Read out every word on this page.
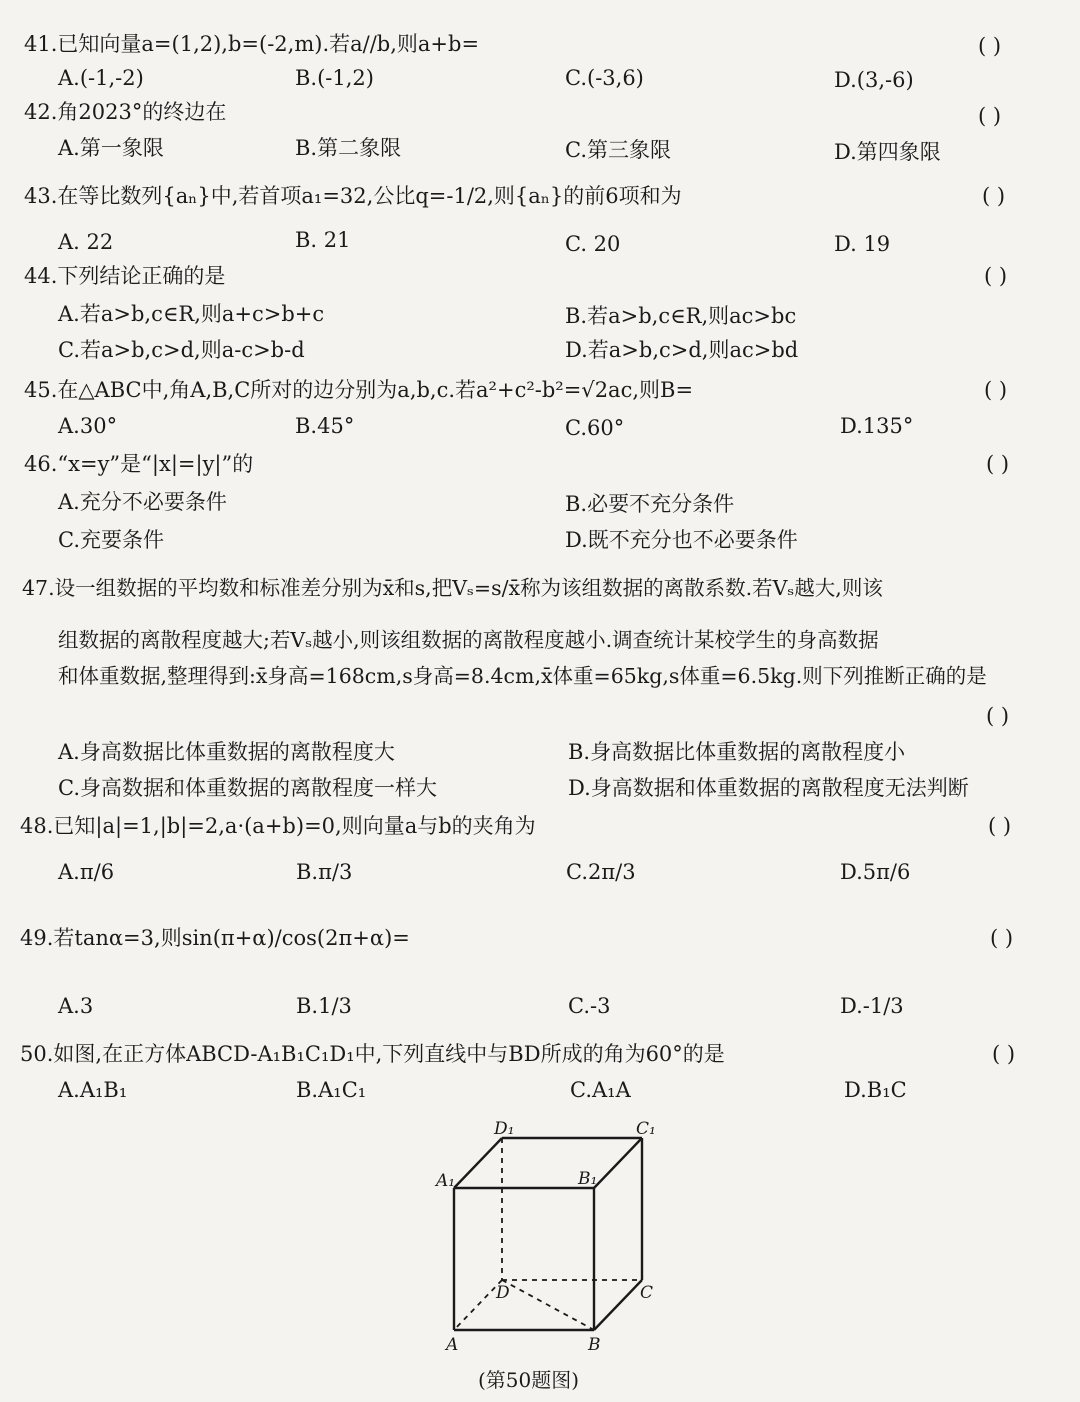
41.已知向量a=(1,2),b=(-2,m).若a//b,则a+b=	( )
A.(-1,-2)	B.(-1,2)	C.(-3,6)	D.(3,-6)
42.角2023°的终边在	( )
A.第一象限	B.第二象限	C.第三象限	D.第四象限
43.在等比数列{aₙ}中,若首项a₁=32,公比q=-1/2,则{aₙ}的前6项和为	( )
A. 22	B. 21	C. 20	D. 19
44.下列结论正确的是	( )
A.若a>b,c∈R,则a+c>b+c	B.若a>b,c∈R,则ac>bc
C.若a>b,c>d,则a-c>b-d	D.若a>b,c>d,则ac>bd
45.在△ABC中,角A,B,C所对的边分别为a,b,c.若a²+c²-b²=√2ac,则B=	( )
A.30°	B.45°	C.60°	D.135°
46.“x=y”是“|x|=|y|”的	( )
A.充分不必要条件	B.必要不充分条件
C.充要条件	D.既不充分也不必要条件
47.设一组数据的平均数和标准差分别为x̄和s,把Vₛ=s/x̄称为该组数据的离散系数.若Vₛ越大,则该
组数据的离散程度越大;若Vₛ越小,则该组数据的离散程度越小.调查统计某校学生的身高数据
和体重数据,整理得到:x̄身高=168cm,s身高=8.4cm,x̄体重=65kg,s体重=6.5kg.则下列推断正确的是
( )
A.身高数据比体重数据的离散程度大	B.身高数据比体重数据的离散程度小
C.身高数据和体重数据的离散程度一样大	D.身高数据和体重数据的离散程度无法判断
48.已知|a|=1,|b|=2,a·(a+b)=0,则向量a与b的夹角为	( )
A.π/6	B.π/3	C.2π/3	D.5π/6
49.若tanα=3,则sin(π+α)/cos(2π+α)=	( )
A.3	B.1/3	C.-3	D.-1/3
50.如图,在正方体ABCD-A₁B₁C₁D₁中,下列直线中与BD所成的角为60°的是	( )
A.A₁B₁	B.A₁C₁	C.A₁A	D.B₁C
A₁	B₁
D₁	C₁
D	C
A	B
(第50题图)
